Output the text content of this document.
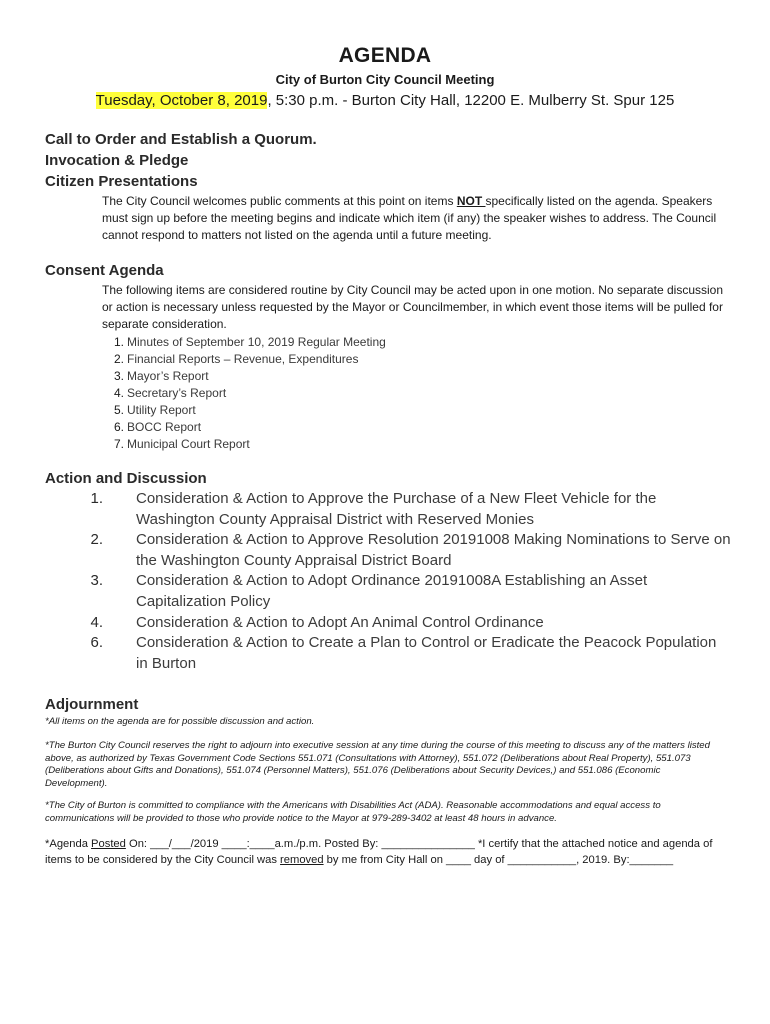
AGENDA
City of Burton City Council Meeting
Tuesday, October 8, 2019, 5:30 p.m. - Burton City Hall, 12200 E. Mulberry St. Spur 125
Call to Order and Establish a Quorum.
Invocation & Pledge
Citizen Presentations
The City Council welcomes public comments at this point on items NOT specifically listed on the agenda. Speakers must sign up before the meeting begins and indicate which item (if any) the speaker wishes to address. The Council cannot respond to matters not listed on the agenda until a future meeting.
Consent Agenda
The following items are considered routine by City Council may be acted upon in one motion. No separate discussion or action is necessary unless requested by the Mayor or Councilmember, in which event those items will be pulled for separate consideration.
1. Minutes of September 10, 2019 Regular Meeting
2. Financial Reports – Revenue, Expenditures
3. Mayor’s Report
4. Secretary’s Report
5. Utility Report
6. BOCC Report
7. Municipal Court Report
Action and Discussion
1.	Consideration & Action to Approve the Purchase of a New Fleet Vehicle for the Washington County Appraisal District with Reserved Monies
2.	Consideration & Action to Approve Resolution 20191008 Making Nominations to Serve on the Washington County Appraisal District Board
3.	Consideration & Action to Adopt Ordinance 20191008A Establishing an Asset Capitalization Policy
4.	Consideration & Action to Adopt An Animal Control Ordinance
6.	Consideration & Action to Create a Plan to Control or Eradicate the Peacock Population in Burton
Adjournment
*All items on the agenda are for possible discussion and action.
*The Burton City Council reserves the right to adjourn into executive session at any time during the course of this meeting to discuss any of the matters listed above, as authorized by Texas Government Code Sections 551.071 (Consultations with Attorney), 551.072 (Deliberations about Real Property), 551.073 (Deliberations about Gifts and Donations), 551.074 (Personnel Matters), 551.076 (Deliberations about Security Devices,) and 551.086 (Economic Development).
*The City of Burton is committed to compliance with the Americans with Disabilities Act (ADA). Reasonable accommodations and equal access to communications will be provided to those who provide notice to the Mayor at 979-289-3402 at least 48 hours in advance.
*Agenda Posted On: ___/___/2019 ____:____a.m./p.m. Posted By: _______________ *I certify that the attached notice and agenda of items to be considered by the City Council was removed by me from City Hall on ____ day of ___________, 2019. By:_______
